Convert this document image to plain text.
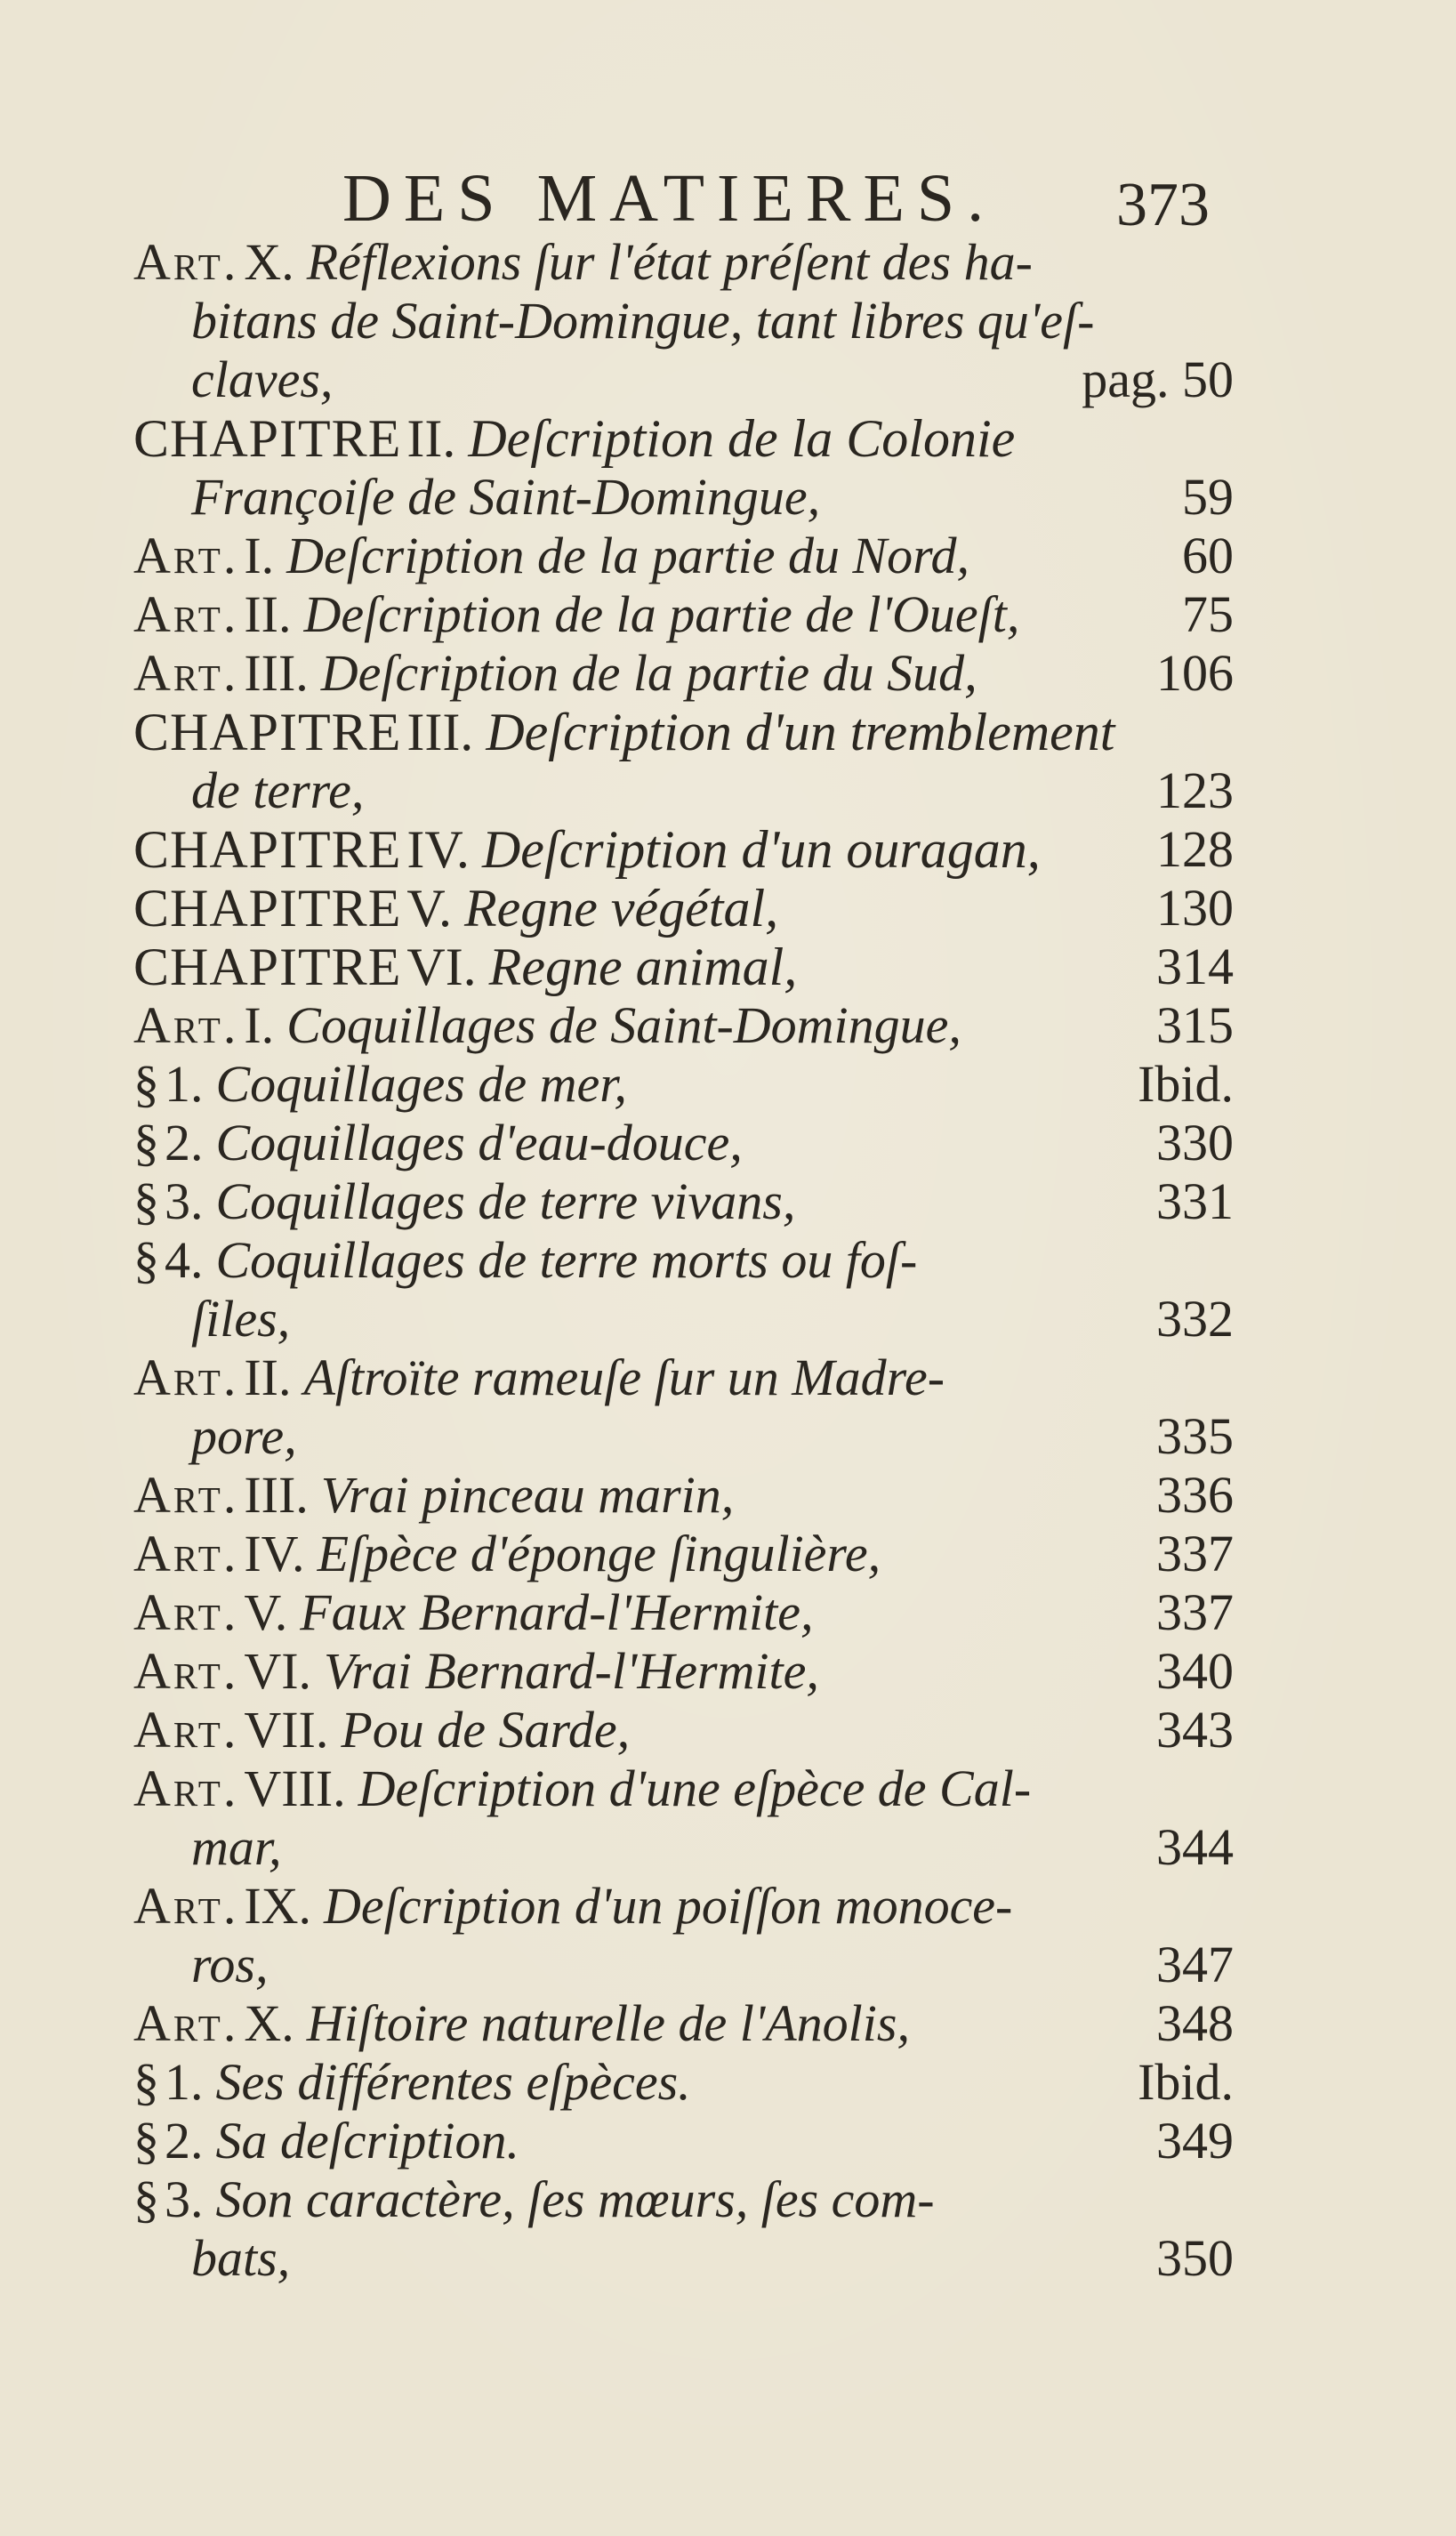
DES MATIERES. 373
Art. X. Réflexions ſur l'état préſent des ha-
bitans de Saint-Domingue, tant libres qu'eſ-
claves,	pag. 50
CHAPITRE II. Deſcription de la Colonie
Françoiſe de Saint-Domingue,	59
Art. I. Deſcription de la partie du Nord,	60
Art. II. Deſcription de la partie de l'Oueſt,	75
Art. III. Deſcription de la partie du Sud,	106
CHAPITRE III. Deſcription d'un tremblement
de terre,	123
CHAPITRE IV. Deſcription d'un ouragan, 128
CHAPITRE V. Regne végétal,	130
CHAPITRE VI. Regne animal,	314
Art. I. Coquillages de Saint-Domingue,	315
§ 1. Coquillages de mer,	Ibid.
§ 2. Coquillages d'eau-douce,	330
§ 3. Coquillages de terre vivans,	331
§ 4. Coquillages de terre morts ou foſ-
ſiles,	332
Art. II. Aſtroïte rameuſe ſur un Madre-
pore,	335
Art. III. Vrai pinceau marin,	336
Art. IV. Eſpèce d'éponge ſingulière,	337
Art. V. Faux Bernard-l'Hermite,	337
Art. VI. Vrai Bernard-l'Hermite,	340
Art. VII. Pou de Sarde,	343
Art. VIII. Deſcription d'une eſpèce de Cal-
mar,	344
Art. IX. Deſcription d'un poiſſon monoce-
ros,	347
Art. X. Hiſtoire naturelle de l'Anolis,	348
§ 1. Ses différentes eſpèces.	Ibid.
§ 2. Sa deſcription.	349
§ 3. Son caractère, ſes mœurs, ſes com-
bats,	350
